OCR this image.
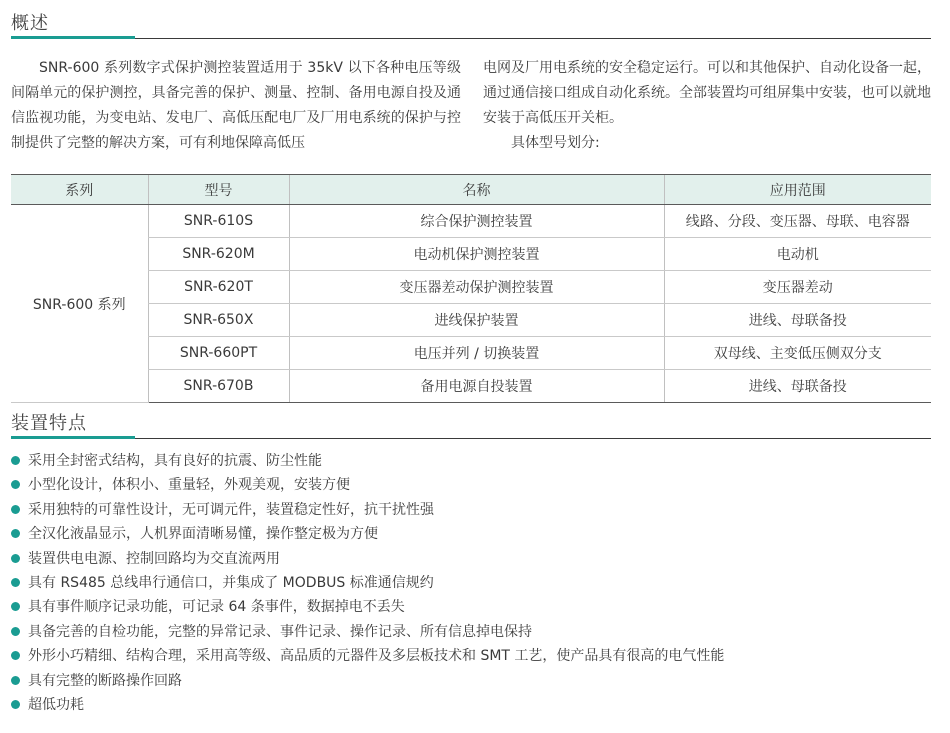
概述
SNR-600 系列数字式保护测控装置适用于 35kV 以下各种电压等级间隔单元的保护测控，具备完善的保护、测量、控制、备用电源自投及通信监视功能，为变电站、发电厂、高低压配电厂及厂用电系统的保护与控制提供了完整的解决方案，可有利地保障高低压
电网及厂用电系统的安全稳定运行。可以和其他保护、自动化设备一起，通过通信接口组成自动化系统。全部装置均可组屏集中安装，也可以就地安装于高低压开关柜。
具体型号划分:
系列	型号	名称	应用范围
SNR-600 系列	SNR-610S	综合保护测控装置	线路、分段、变压器、母联、电容器
	SNR-620M	电动机保护测控装置	电动机
	SNR-620T	变压器差动保护测控装置	变压器差动
	SNR-650X	进线保护装置	进线、母联备投
	SNR-660PT	电压并列 / 切换装置	双母线、主变低压侧双分支
	SNR-670B	备用电源自投装置	进线、母联备投
装置特点
采用全封密式结构，具有良好的抗震、防尘性能
小型化设计，体积小、重量轻，外观美观，安装方便
采用独特的可靠性设计，无可调元件，装置稳定性好，抗干扰性强
全汉化液晶显示，人机界面清晰易懂，操作整定极为方便
装置供电电源、控制回路均为交直流两用
具有 RS485 总线串行通信口，并集成了 MODBUS 标准通信规约
具有事件顺序记录功能，可记录 64 条事件，数据掉电不丢失
具备完善的自检功能，完整的异常记录、事件记录、操作记录、所有信息掉电保持
外形小巧精细、结构合理，采用高等级、高品质的元器件及多层板技术和 SMT 工艺，使产品具有很高的电气性能
具有完整的断路操作回路
超低功耗
